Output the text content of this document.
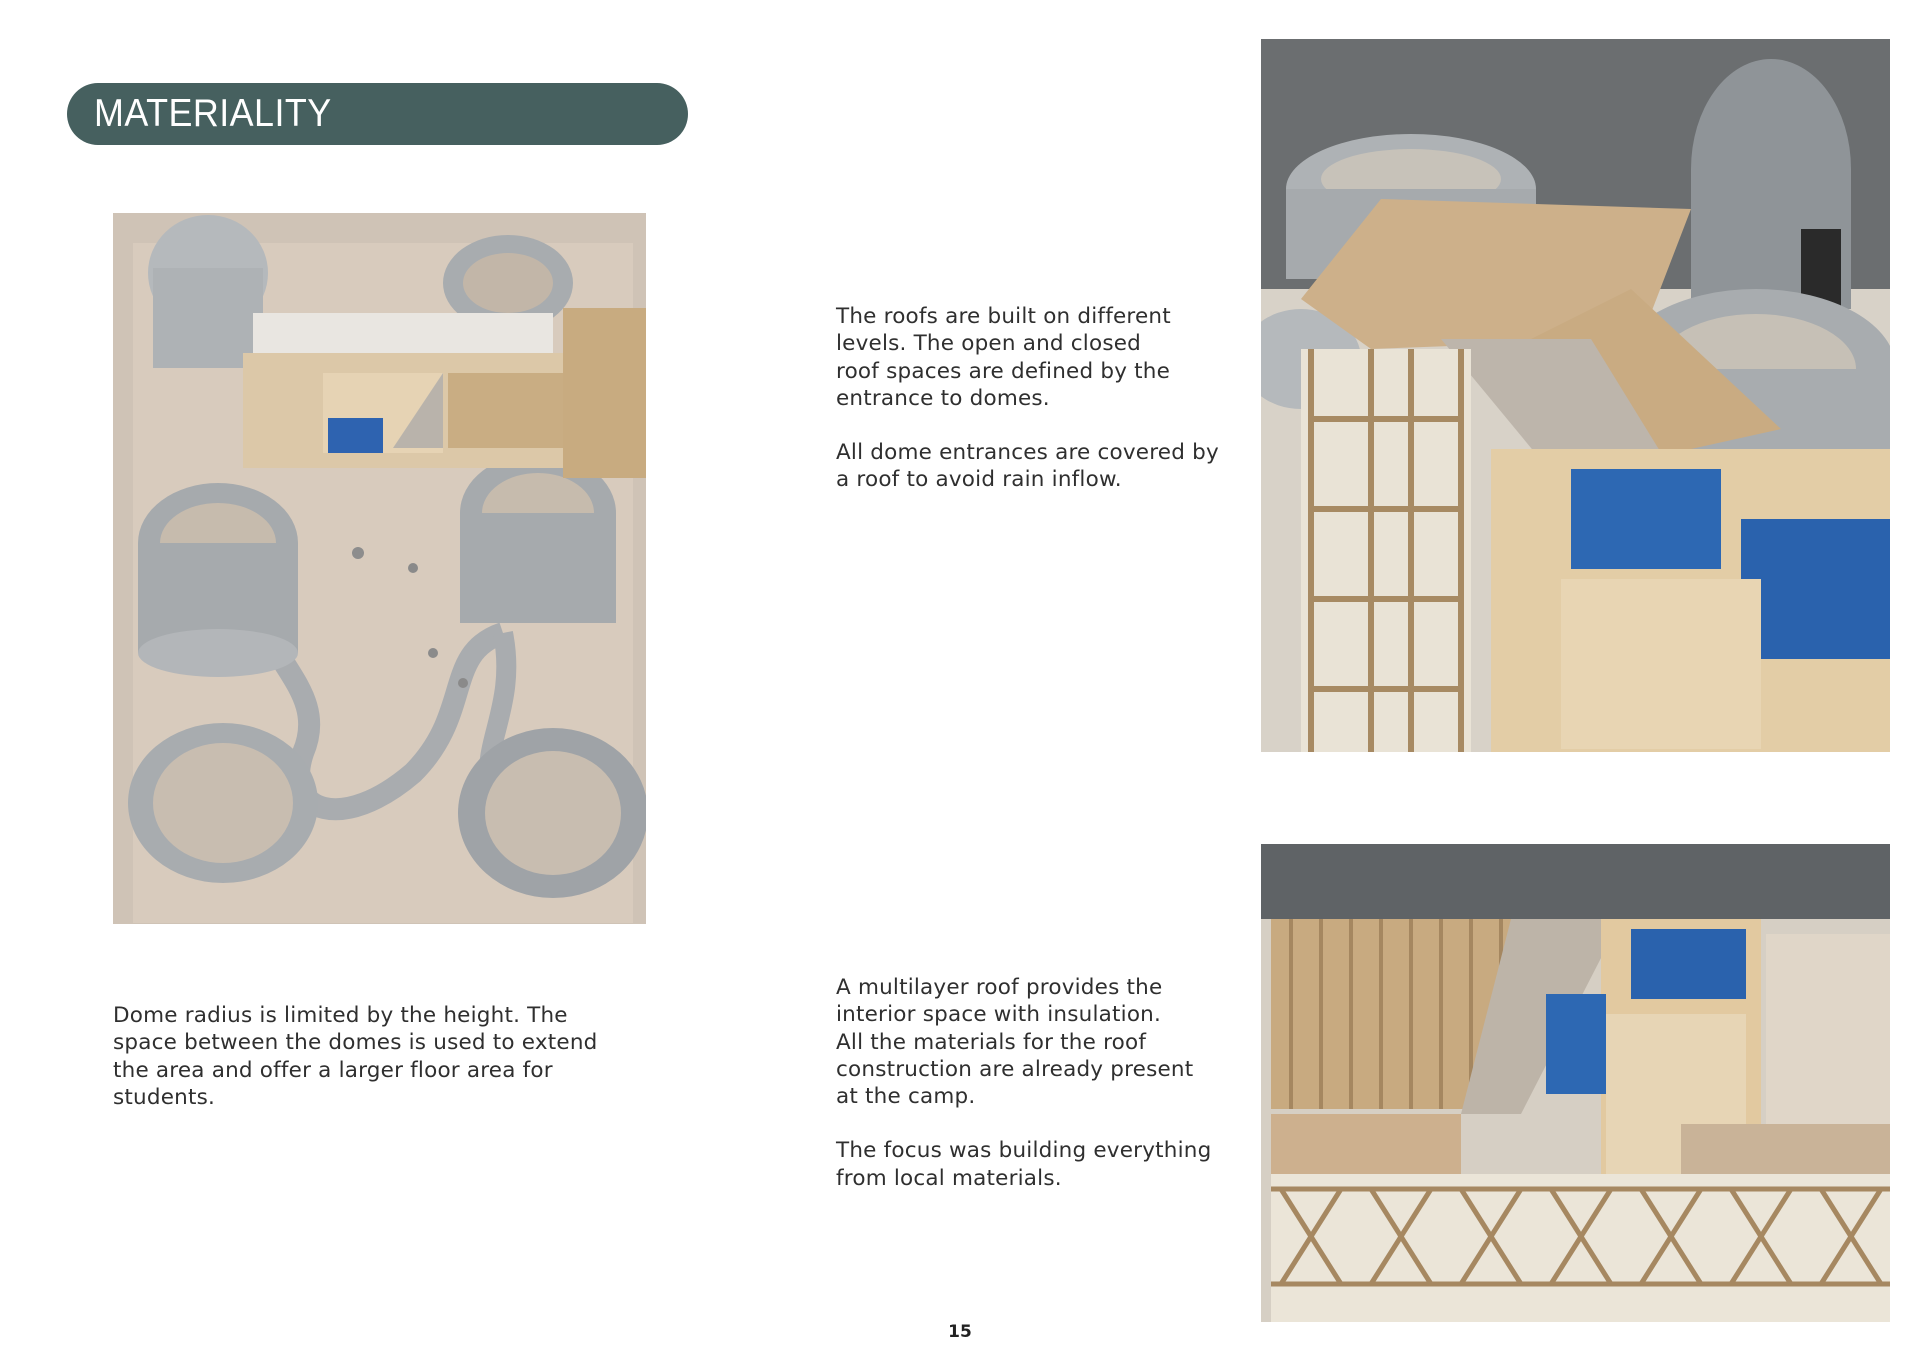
MATERIALITY

The roofs are built on different
levels. The open and closed
roof spaces are defined by the
entrance to domes.

All dome entrances are covered by
a roof to avoid rain inflow.

Dome radius is limited by the height. The
space between the domes is used to extend
the area and offer a larger floor area for
students.

A multilayer roof provides the
interior space with insulation.
All the materials for the roof
construction are already present
at the camp.

The focus was building everything
from local materials.

15
